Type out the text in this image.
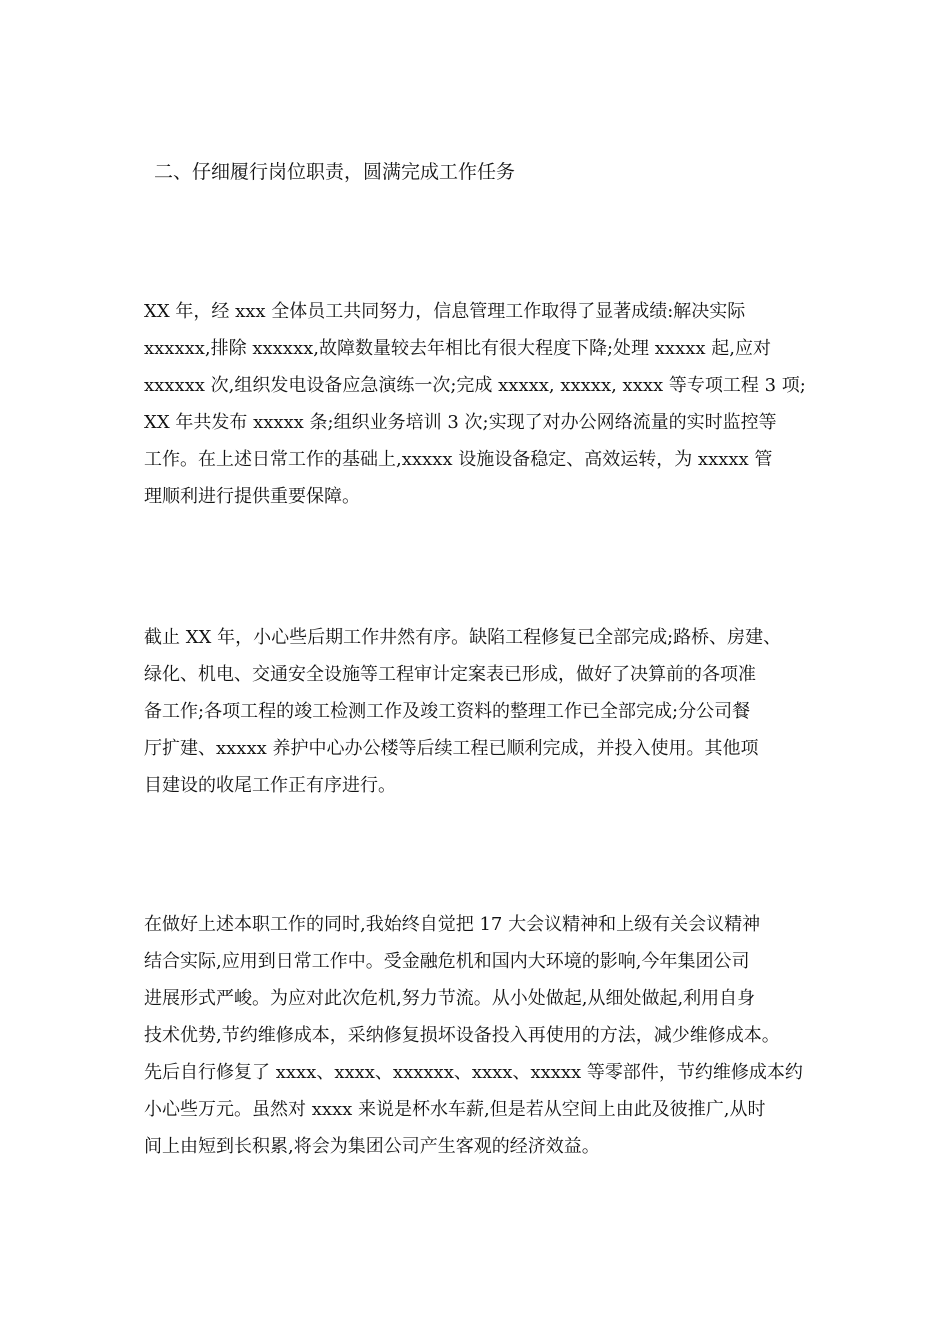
二、仔细履行岗位职责，圆满完成工作任务
XX 年，经 xxx 全体员工共同努力，信息管理工作取得了显著成绩:解决实际
xxxxxx,排除 xxxxxx,故障数量较去年相比有很大程度下降;处理 xxxxx 起,应对
xxxxxx 次,组织发电设备应急演练一次;完成 xxxxx, xxxxx, xxxx 等专项工程 3 项;
XX 年共发布 xxxxx 条;组织业务培训 3 次;实现了对办公网络流量的实时监控等
工作。在上述日常工作的基础上,xxxxx 设施设备稳定、高效运转，为 xxxxx 管
理顺利进行提供重要保障。
截止 XX 年，小心些后期工作井然有序。缺陷工程修复已全部完成;路桥、房建、
绿化、机电、交通安全设施等工程审计定案表已形成，做好了决算前的各项准
备工作;各项工程的竣工检测工作及竣工资料的整理工作已全部完成;分公司餐
厅扩建、xxxxx 养护中心办公楼等后续工程已顺利完成，并投入使用。其他项
目建设的收尾工作正有序进行。
在做好上述本职工作的同时,我始终自觉把 17 大会议精神和上级有关会议精神
结合实际,应用到日常工作中。受金融危机和国内大环境的影响,今年集团公司
进展形式严峻。为应对此次危机,努力节流。从小处做起,从细处做起,利用自身
技术优势,节约维修成本，采纳修复损坏设备投入再使用的方法，减少维修成本。
先后自行修复了 xxxx、xxxx、xxxxxx、xxxx、xxxxx 等零部件，节约维修成本约
小心些万元。虽然对 xxxx 来说是杯水车薪,但是若从空间上由此及彼推广,从时
间上由短到长积累,将会为集团公司产生客观的经济效益。
